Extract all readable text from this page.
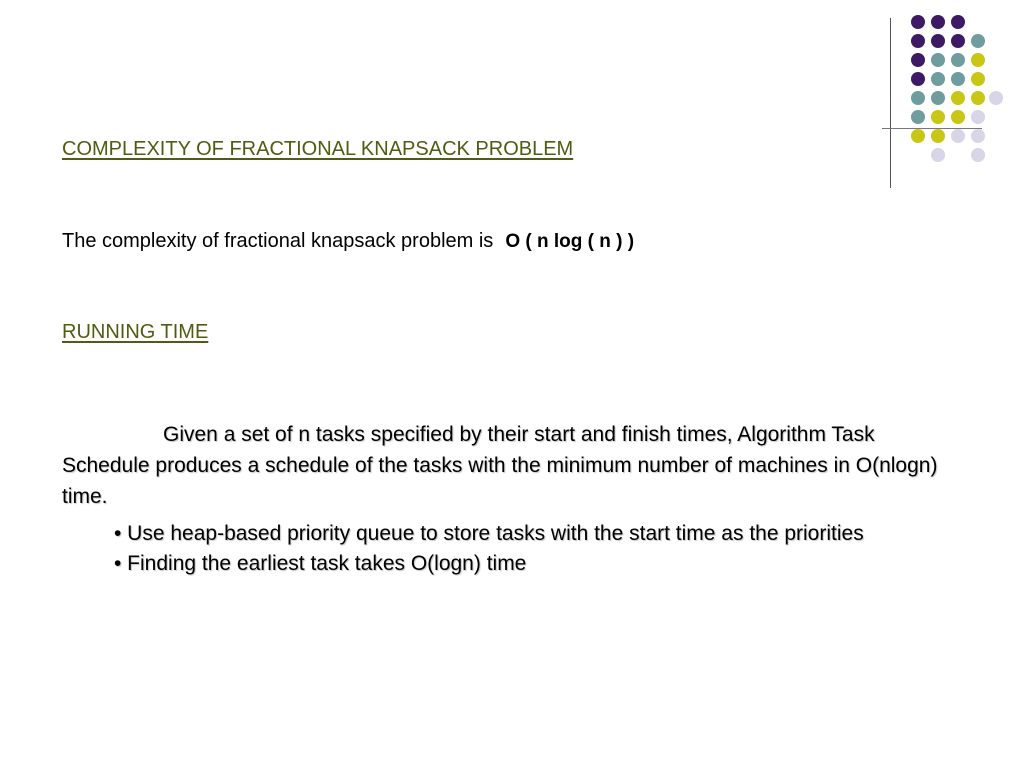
COMPLEXITY OF FRACTIONAL KNAPSACK PROBLEM
The complexity of fractional knapsack problem is O ( n log ( n ) )
RUNNING TIME

Given a set of n tasks specified by their start and finish times, Algorithm Task Schedule produces a schedule of the tasks with the minimum number of machines in O(nlogn) time.

• Use heap-based priority queue to store tasks with the start time as the priorities
• Finding the earliest task takes O(logn) time
